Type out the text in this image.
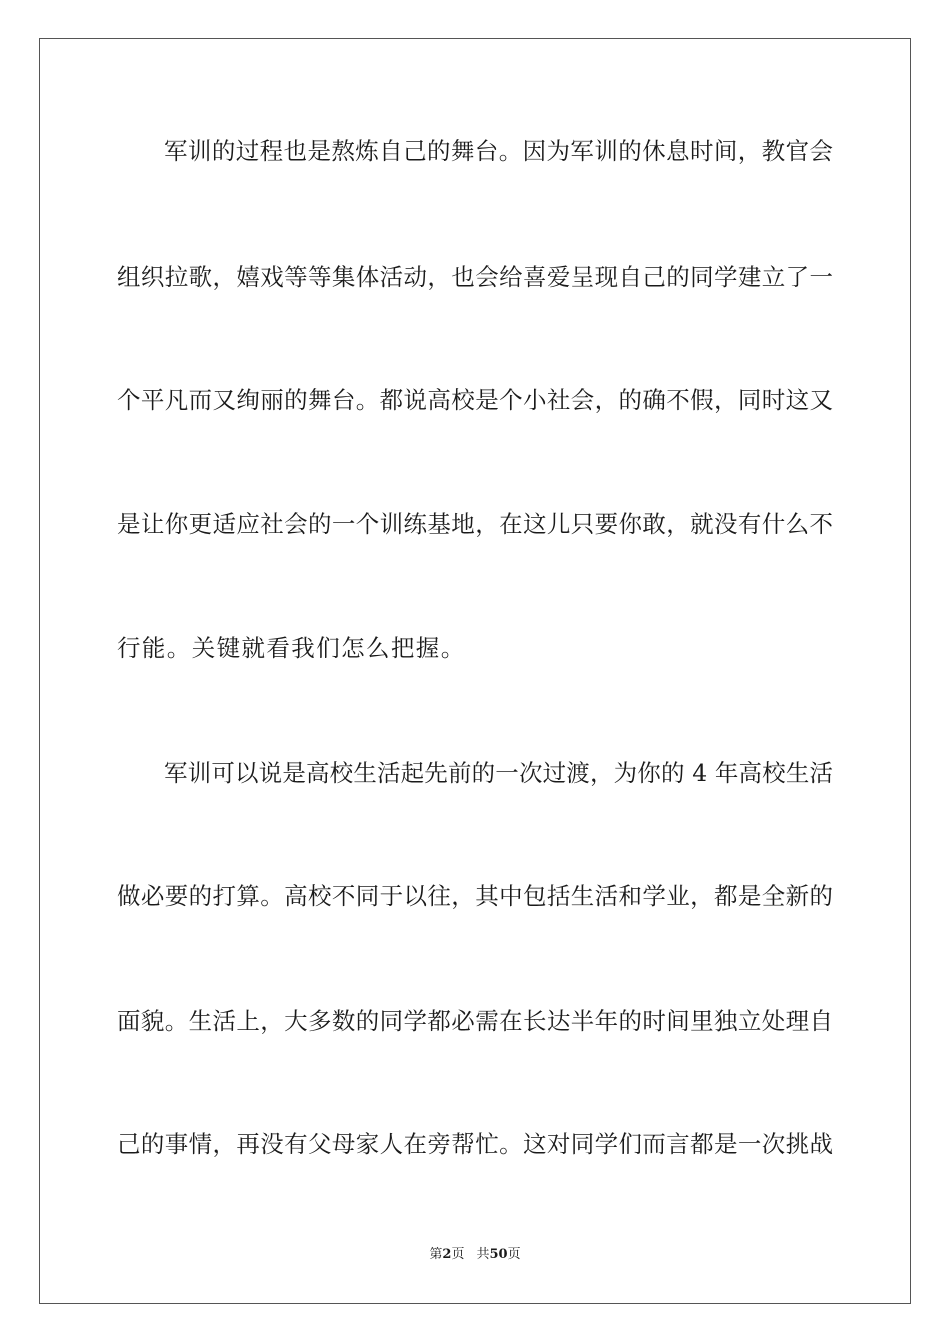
军训的过程也是熬炼自己的舞台。因为军训的休息时间，教官会
组织拉歌，嬉戏等等集体活动，也会给喜爱呈现自己的同学建立了一
个平凡而又绚丽的舞台。都说高校是个小社会，的确不假，同时这又
是让你更适应社会的一个训练基地，在这儿只要你敢，就没有什么不
行能。关键就看我们怎么把握。
军训可以说是高校生活起先前的一次过渡，为你的 4 年高校生活
做必要的打算。高校不同于以往，其中包括生活和学业，都是全新的
面貌。生活上，大多数的同学都必需在长达半年的时间里独立处理自
己的事情，再没有父母家人在旁帮忙。这对同学们而言都是一次挑战
第2页 共50页
